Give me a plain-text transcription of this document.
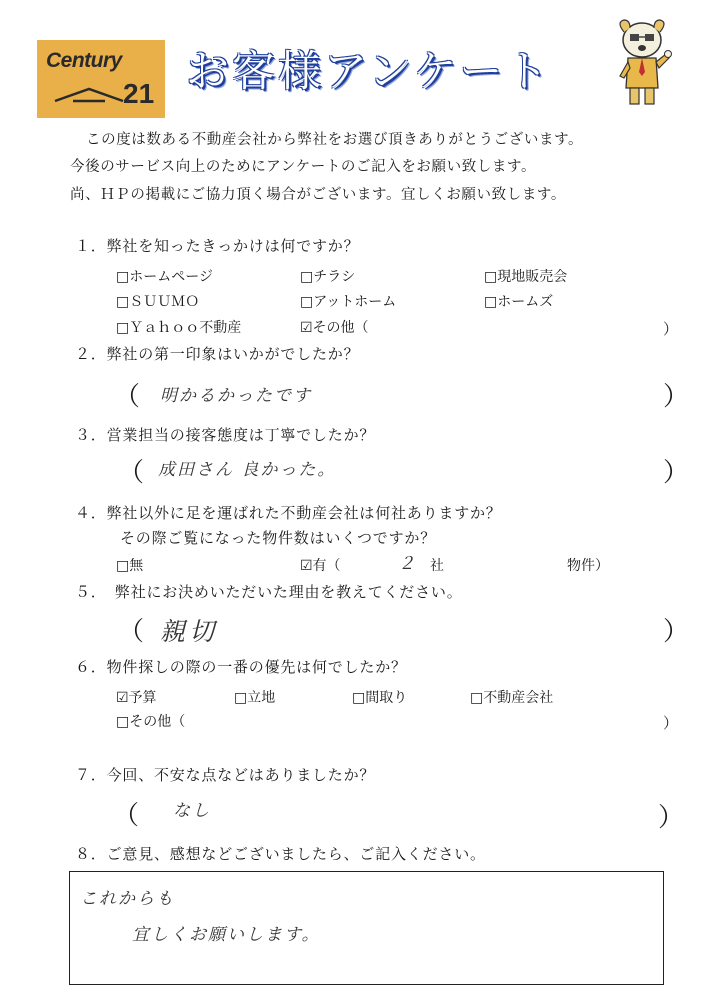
Century
21 お客様アンケート
この度は数ある不動産会社から弊社をお選び頂きありがとうございます。
今後のサービス向上のためにアンケートのご記入をお願い致します。
尚、ＨＰの掲載にご協力頂く場合がございます。宜しくお願い致します。
１．弊社を知ったきっかけは何ですか？
□ホームページ	□チラシ	□現地販売会
□ＳＵＵＭＯ	□アットホーム	□ホームズ
□Ｙａｈｏｏ不動産	☑その他（	）
２．弊社の第一印象はいかがでしたか？
（ 明かるかったです	）
３．営業担当の接客態度は丁寧でしたか？
（ 成田さん 良かった。	）
４．弊社以外に足を運ばれた不動産会社は何社ありますか？
その際ご覧になった物件数はいくつですか？
□無	☑有（	２ 社	物件）
５．　弊社にお決めいただいた理由を教えてください。
（ 親切	）
６．物件探しの際の一番の優先は何でしたか？
☑予算	□立地	□間取り	□不動産会社
□その他（	）
７．今回、不安な点などはありましたか？
（ なし	）
８．ご意見、感想などございましたら、ご記入ください。
これからも
宜しくお願いします。
